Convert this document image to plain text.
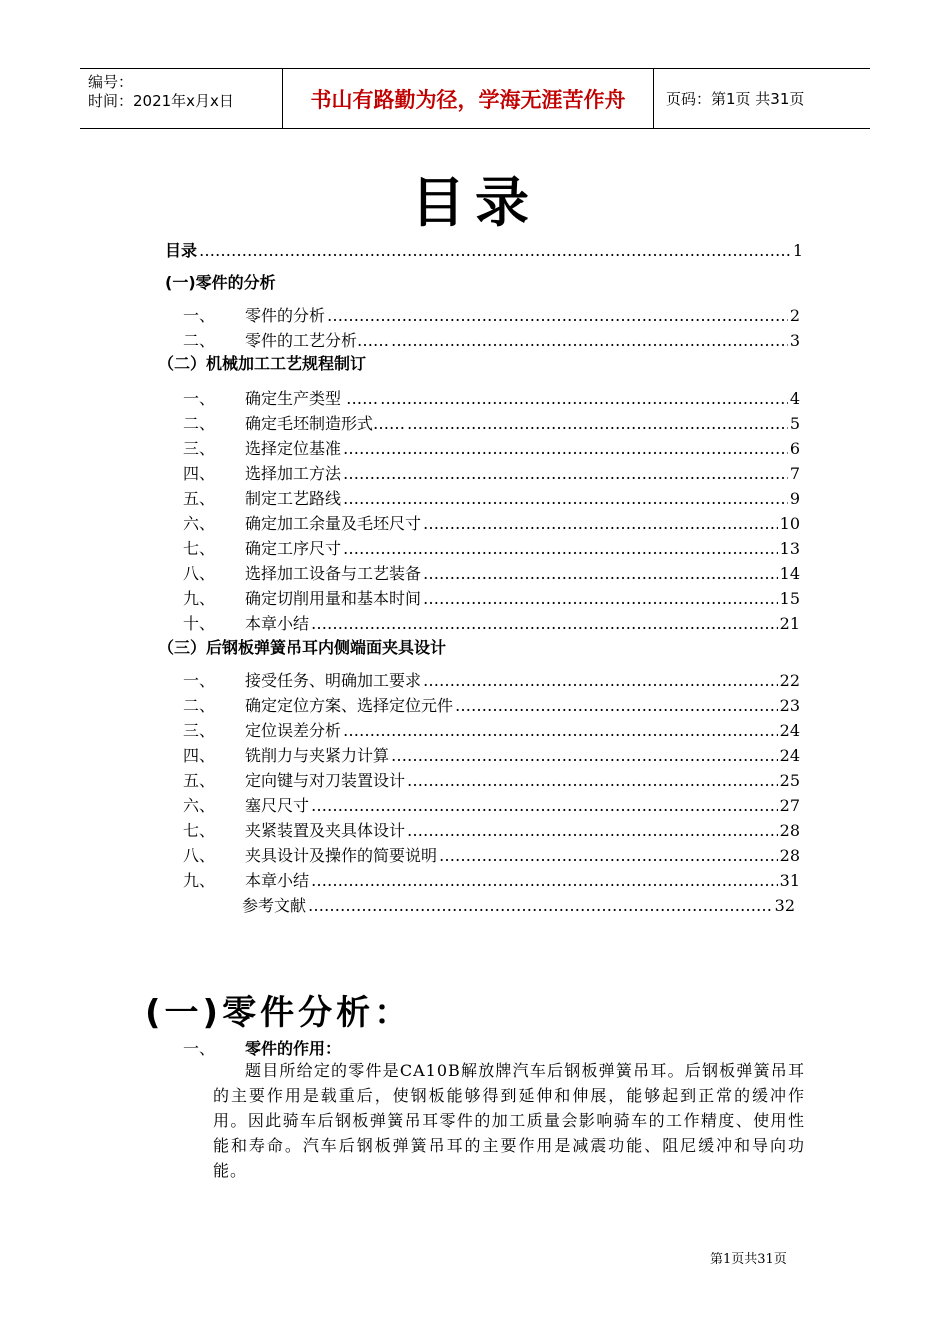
编号：
时间：2021年x月x日	书山有路勤为径，学海无涯苦作舟	页码：第1页 共31页
目录
目录 ……………………………………………………………………………………………………………………………………………………	1
(一)零件的分析
一、	零件的分析 ……………………………………………………………………………………………………………………………………………………	2
二、	零件的工艺分析…… ……………………………………………………………………………………………………………………………………………………	3
（二）机械加工工艺规程制订
一、	确定生产类型 …… ……………………………………………………………………………………………………………………………………………………	4
二、	确定毛坯制造形式…… ……………………………………………………………………………………………………………………………………………………	5
三、	选择定位基准 ……………………………………………………………………………………………………………………………………………………	6
四、	选择加工方法 ……………………………………………………………………………………………………………………………………………………	7
五、	制定工艺路线 ……………………………………………………………………………………………………………………………………………………	9
六、	确定加工余量及毛坯尺寸 ……………………………………………………………………………………………………………………………………………………	10
七、	确定工序尺寸 ……………………………………………………………………………………………………………………………………………………	13
八、	选择加工设备与工艺装备 ……………………………………………………………………………………………………………………………………………………	14
九、	确定切削用量和基本时间 ……………………………………………………………………………………………………………………………………………………	15
十、	本章小结 ……………………………………………………………………………………………………………………………………………………	21
（三）后钢板弹簧吊耳内侧端面夹具设计
一、	接受任务、明确加工要求 ……………………………………………………………………………………………………………………………………………………	22
二、	确定定位方案、选择定位元件 ……………………………………………………………………………………………………………………………………………………	23
三、	定位误差分析 ……………………………………………………………………………………………………………………………………………………	24
四、	铣削力与夹紧力计算 ……………………………………………………………………………………………………………………………………………………	24
五、	定向键与对刀装置设计 ……………………………………………………………………………………………………………………………………………………	25
六、	塞尺尺寸 ……………………………………………………………………………………………………………………………………………………	27
七、	夹紧装置及夹具体设计 ……………………………………………………………………………………………………………………………………………………	28
八、	夹具设计及操作的简要说明 ……………………………………………………………………………………………………………………………………………………	28
九、	本章小结 ……………………………………………………………………………………………………………………………………………………	31
参考文献 ……………………………………………………………………………………………………………………………………………………	32
(一)零件分析：
一、	零件的作用：
题目所给定的零件是CA10B解放牌汽车后钢板弹簧吊耳。后钢板弹簧吊耳的主要作用是载重后，使钢板能够得到延伸和伸展，能够起到正常的缓冲作用。因此骑车后钢板弹簧吊耳零件的加工质量会影响骑车的工作精度、使用性能和寿命。汽车后钢板弹簧吊耳的主要作用是减震功能、阻尼缓冲和导向功能。
第1页共31页
